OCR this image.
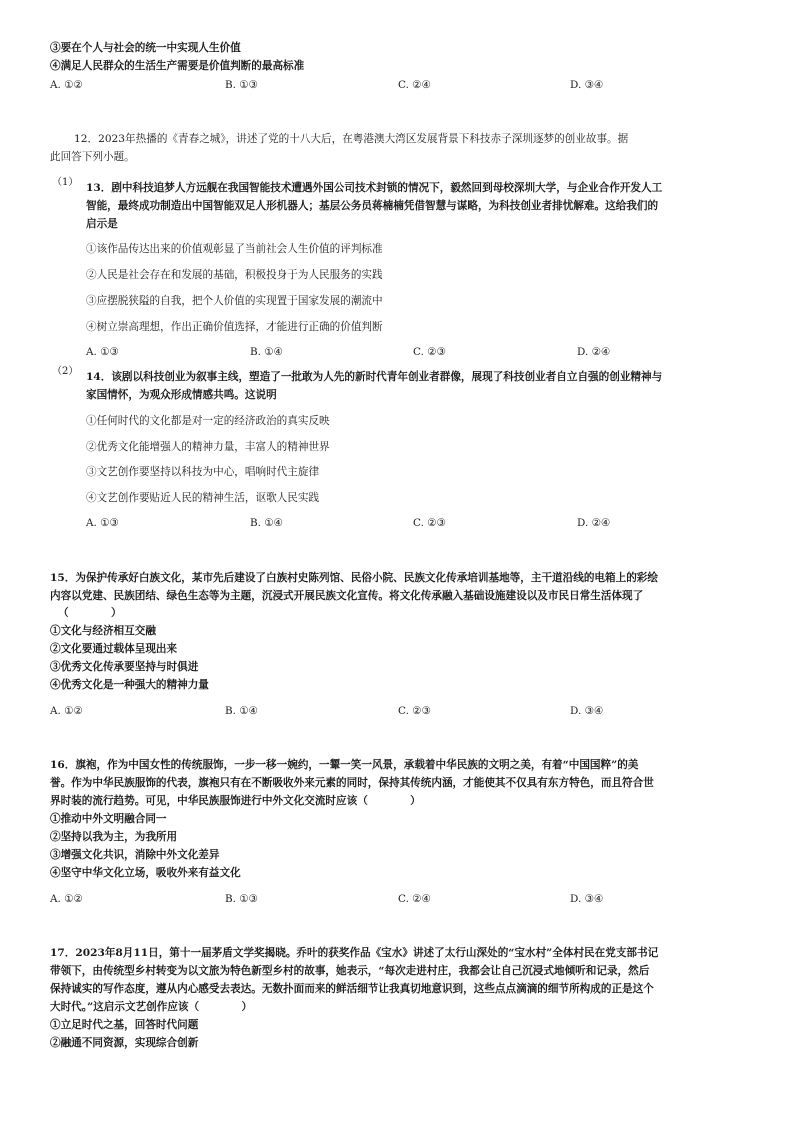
③要在个人与社会的统一中实现人生价值
④满足人民群众的生活生产需要是价值判断的最高标准
A. ①②	B. ①③	C. ②④	D. ③④
12．2023年热播的《青春之城》，讲述了党的十八大后，在粤港澳大湾区发展背景下科技赤子深圳逐梦的创业故事。据
此回答下列小题。
（1） 13．剧中科技追梦人方远舰在我国智能技术遭遇外国公司技术封锁的情况下，毅然回到母校深圳大学，与企业合作开发人工
智能，最终成功制造出中国智能双足人形机器人；基层公务员蒋楠楠凭借智慧与谋略，为科技创业者排忧解难。这给我们的
启示是
①该作品传达出来的价值观彰显了当前社会人生价值的评判标准
②人民是社会存在和发展的基础，积极投身于为人民服务的实践
③应摆脱狭隘的自我，把个人价值的实现置于国家发展的潮流中
④树立崇高理想，作出正确价值选择，才能进行正确的价值判断
A. ①③	B. ①④	C. ②③	D. ②④
（2） 14．该剧以科技创业为叙事主线，塑造了一批敢为人先的新时代青年创业者群像，展现了科技创业者自立自强的创业精神与
家国情怀，为观众形成情感共鸣。这说明
①任何时代的文化都是对一定的经济政治的真实反映
②优秀文化能增强人的精神力量，丰富人的精神世界
③文艺创作要坚持以科技为中心，唱响时代主旋律
④文艺创作要贴近人民的精神生活，讴歌人民实践
A. ①③	B. ①④	C. ②③	D. ②④
15．为保护传承好白族文化，某市先后建设了白族村史陈列馆、民俗小院、民族文化传承培训基地等，主干道沿线的电箱上的彩绘
内容以党建、民族团结、绿色生态等为主题，沉浸式开展民族文化宣传。将文化传承融入基础设施建设以及市民日常生活体现了
（　　　　）
①文化与经济相互交融
②文化要通过载体呈现出来
③优秀文化传承要坚持与时俱进
④优秀文化是一种强大的精神力量
A. ①②	B. ①④	C. ②③	D. ③④
16．旗袍，作为中国女性的传统服饰，一步一移一婉约，一颦一笑一风景，承载着中华民族的文明之美，有着“中国国粹”的美
誉。作为中华民族服饰的代表，旗袍只有在不断吸收外来元素的同时，保持其传统内涵，才能使其不仅具有东方特色，而且符合世
界时装的流行趋势。可见，中华民族服饰进行中外文化交流时应该（　　　　）
①推动中外文明融合同一
②坚持以我为主，为我所用
③增强文化共识，消除中外文化差异
④坚守中华文化立场，吸收外来有益文化
A. ①②	B. ①③	C. ②④	D. ③④
17．2023年8月11日，第十一届茅盾文学奖揭晓。乔叶的获奖作品《宝水》讲述了太行山深处的“宝水村”全体村民在党支部书记
带领下，由传统型乡村转变为以文旅为特色新型乡村的故事，她表示，“每次走进村庄，我都会让自己沉浸式地倾听和记录，然后
保持诚实的写作态度，遵从内心感受去表达。无数扑面而来的鲜活细节让我真切地意识到，这些点点滴滴的细节所构成的正是这个
大时代。”这启示文艺创作应该（　　　　）
①立足时代之基，回答时代问题
②融通不同资源，实现综合创新
